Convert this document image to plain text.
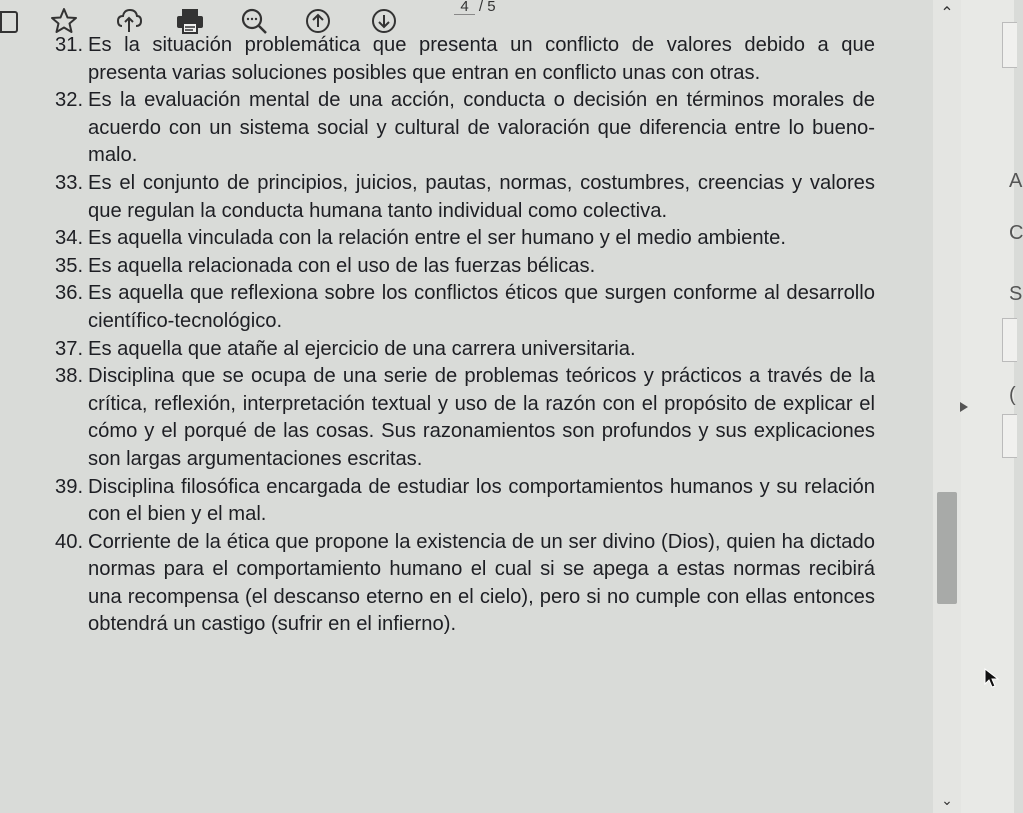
4 / 5
31. Es la situación problemática que presenta un conflicto de valores debido a que presenta varias soluciones posibles que entran en conflicto unas con otras.
32. Es la evaluación mental de una acción, conducta o decisión en términos morales de acuerdo con un sistema social y cultural de valoración que diferencia entre lo bueno-malo.
33. Es el conjunto de principios, juicios, pautas, normas, costumbres, creencias y valores que regulan la conducta humana tanto individual como colectiva.
34. Es aquella vinculada con la relación entre el ser humano y el medio ambiente.
35. Es aquella relacionada con el uso de las fuerzas bélicas.
36. Es aquella que reflexiona sobre los conflictos éticos que surgen conforme al desarrollo científico-tecnológico.
37. Es aquella que atañe al ejercicio de una carrera universitaria.
38. Disciplina que se ocupa de una serie de problemas teóricos y prácticos a través de la crítica, reflexión, interpretación textual y uso de la razón con el propósito de explicar el cómo y el porqué de las cosas. Sus razonamientos son profundos y sus explicaciones son largas argumentaciones escritas.
39. Disciplina filosófica encargada de estudiar los comportamientos humanos y su relación con el bien y el mal.
40. Corriente de la ética que propone la existencia de un ser divino (Dios), quien ha dictado normas para el comportamiento humano el cual si se apega a estas normas recibirá una recompensa (el descanso eterno en el cielo), pero si no cumple con ellas entonces obtendrá un castigo (sufrir en el infierno).
⌃
⌄
A
C
S
(
